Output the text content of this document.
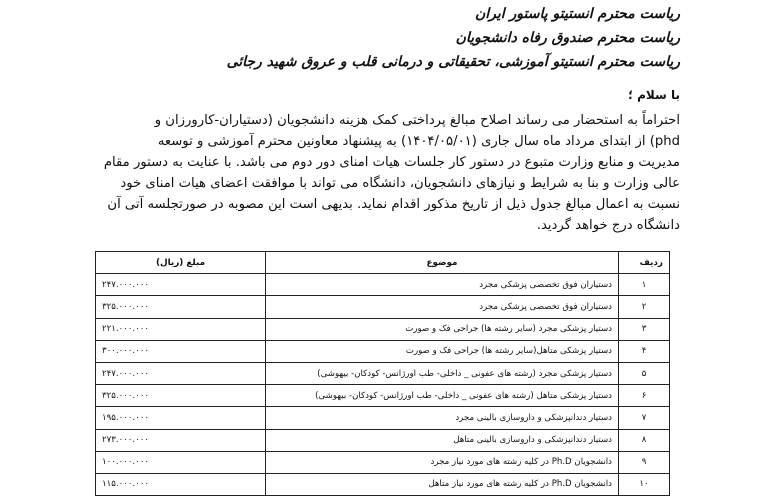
ریاست محترم انستیتو پاستور ایران
ریاست محترم صندوق رفاه دانشجویان
ریاست محترم انستیتو آموزشی، تحقیقاتی و درمانی قلب و عروق شهید رجائی
با سلام ؛
احتراماً به استحضار می رساند اصلاح مبالغ پرداختی کمک هزینه دانشجویان (دستیاران-کارورزان و
phd) از ابتدای مرداد ماه سال جاری (۱۴۰۴/۰۵/۰۱) به پیشنهاد معاونین محترم آموزشی و توسعه
مدیریت و منابع وزارت متبوع در دستور کار جلسات هیات امنای دور دوم می باشد. با عنایت به دستور مقام
عالی وزارت و بنا به شرایط و نیازهای دانشجویان، دانشگاه می تواند با موافقت اعضای هیات امنای خود
نسبت به اعمال مبالغ جدول ذیل از تاریخ مذکور اقدام نماید. بدیهی است این مصوبه در صورتجلسه آتی آن
دانشگاه درج خواهد گردید.
ردیف	موضوع	مبلغ (ریال)
۱	دستیاران فوق تخصصی پزشکی مجرد	۲۴۷.۰۰۰.۰۰۰
۲	دستیاران فوق تخصصی پزشکی مجرد	۳۲۵.۰۰۰.۰۰۰
۳	دستیار پزشکی مجرد (سایر رشته ها) جراحی فک و صورت	۲۲۱.۰۰۰.۰۰۰
۴	دستیار پزشکی متاهل(سایر رشته ها) جراحی فک و صورت	۳۰۰.۰۰۰.۰۰۰
۵	دستیار پزشکی مجرد (رشته های عفونی _ داخلی- طب اورژانس- کودکان- بیهوشی)	۲۴۷.۰۰۰.۰۰۰
۶	دستیار پزشکی متاهل (رشته های عفونی _ داخلی- طب اورژانس- کودکان- بیهوشی)	۳۲۵.۰۰۰.۰۰۰
۷	دستیار دندانپزشکی و داروسازی بالینی مجرد	۱۹۵.۰۰۰.۰۰۰
۸	دستیار دندانپزشکی و داروسازی بالینی متاهل	۲۷۳.۰۰۰.۰۰۰
۹	دانشجویان Ph.D در کلیه رشته های مورد نیاز مجرد	۱۰۰.۰۰۰.۰۰۰
۱۰	دانشجویان Ph.D در کلیه رشته های مورد نیاز متاهل	۱۱۵.۰۰۰.۰۰۰
